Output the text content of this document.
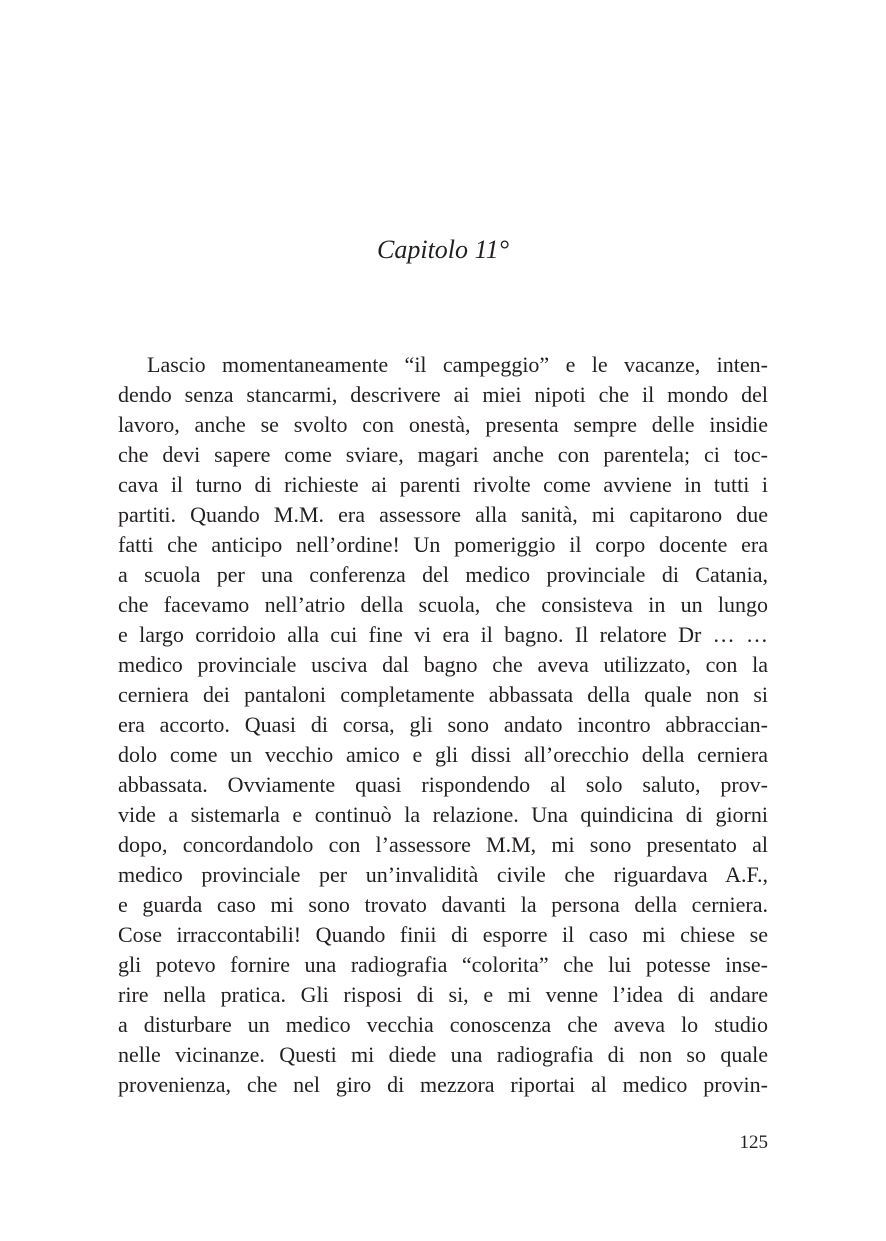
Capitolo 11°
Lascio momentaneamente “il campeggio” e le vacanze, inten-
dendo senza stancarmi, descrivere ai miei nipoti che il mondo del
lavoro, anche se svolto con onestà, presenta sempre delle insidie
che devi sapere come sviare, magari anche con parentela; ci toc-
cava il turno di richieste ai parenti rivolte come avviene in tutti i
partiti. Quando M.M. era assessore alla sanità, mi capitarono due
fatti che anticipo nell’ordine! Un pomeriggio il corpo docente era
a scuola per una conferenza del medico provinciale di Catania,
che facevamo nell’atrio della scuola, che consisteva in un lungo
e largo corridoio alla cui fine vi era il bagno. Il relatore Dr … …
medico provinciale usciva dal bagno che aveva utilizzato, con la
cerniera dei pantaloni completamente abbassata della quale non si
era accorto. Quasi di corsa, gli sono andato incontro abbraccian-
dolo come un vecchio amico e gli dissi all’orecchio della cerniera
abbassata. Ovviamente quasi rispondendo al solo saluto, prov-
vide a sistemarla e continuò la relazione. Una quindicina di giorni
dopo, concordandolo con l’assessore M.M, mi sono presentato al
medico provinciale per un’invalidità civile che riguardava A.F.,
e guarda caso mi sono trovato davanti la persona della cerniera.
Cose irraccontabili! Quando finii di esporre il caso mi chiese se
gli potevo fornire una radiografia “colorita” che lui potesse inse-
rire nella pratica. Gli risposi di si, e mi venne l’idea di andare
a disturbare un medico vecchia conoscenza che aveva lo studio
nelle vicinanze. Questi mi diede una radiografia di non so quale
provenienza, che nel giro di mezzora riportai al medico provin-
125
